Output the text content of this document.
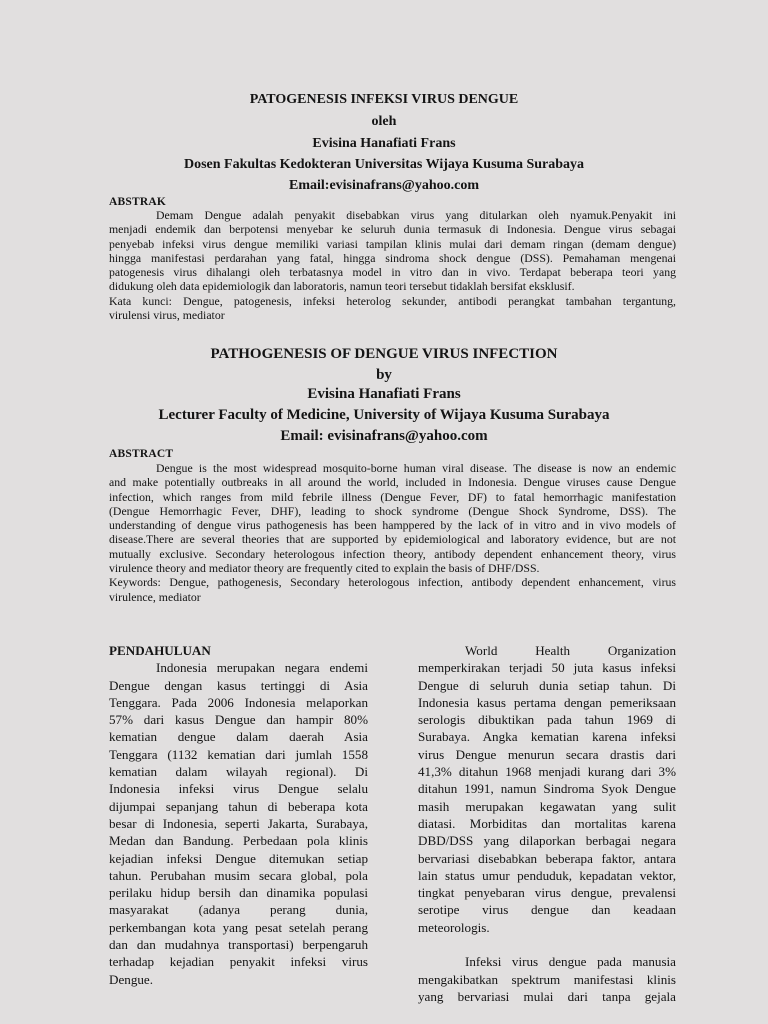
PATOGENESIS INFEKSI VIRUS DENGUE
oleh
Evisina Hanafiati Frans
Dosen Fakultas Kedokteran Universitas Wijaya Kusuma Surabaya
Email:evisinafrans@yahoo.com
ABSTRAK
Demam Dengue adalah penyakit disebabkan virus yang ditularkan oleh nyamuk.Penyakit ini
menjadi endemik dan berpotensi menyebar ke seluruh dunia termasuk di Indonesia. Dengue virus sebagai
penyebab infeksi virus dengue memiliki variasi tampilan klinis mulai dari demam ringan (demam dengue)
hingga manifestasi perdarahan yang fatal, hingga sindroma shock dengue (DSS). Pemahaman mengenai
patogenesis virus dihalangi oleh terbatasnya model in vitro dan in vivo. Terdapat beberapa teori yang
didukung oleh data epidemiologik dan laboratoris, namun teori tersebut tidaklah bersifat eksklusif.
Kata kunci: Dengue, patogenesis, infeksi heterolog sekunder, antibodi perangkat tambahan tergantung,
virulensi virus, mediator
PATHOGENESIS OF DENGUE VIRUS INFECTION
by
Evisina Hanafiati Frans
Lecturer Faculty of Medicine, University of Wijaya Kusuma Surabaya
Email: evisinafrans@yahoo.com
ABSTRACT
Dengue is the most widespread mosquito-borne human viral disease. The disease is now an endemic
and make potentially outbreaks in all around the world, included in Indonesia. Dengue viruses cause Dengue
infection, which ranges from mild febrile illness (Dengue Fever, DF) to fatal hemorrhagic manifestation
(Dengue Hemorrhagic Fever, DHF), leading to shock syndrome (Dengue Shock Syndrome, DSS). The
understanding of dengue virus pathogenesis has been hamppered by the lack of in vitro and in vivo models of
disease.There are several theories that are supported by epidemiological and laboratory evidence, but are not
mutually exclusive. Secondary heterologous infection theory, antibody dependent enhancement theory, virus
virulence theory and mediator theory are frequently cited to explain the basis of DHF/DSS.
Keywords: Dengue, pathogenesis, Secondary heterologous infection, antibody dependent enhancement, virus
virulence, mediator
PENDAHULUAN
Indonesia merupakan negara endemi
Dengue dengan kasus tertinggi di Asia
Tenggara. Pada 2006 Indonesia melaporkan
57% dari kasus Dengue dan hampir 80%
kematian dengue dalam daerah Asia
Tenggara (1132 kematian dari jumlah 1558
kematian dalam wilayah regional). Di
Indonesia infeksi virus Dengue selalu
dijumpai sepanjang tahun di beberapa kota
besar di Indonesia, seperti Jakarta, Surabaya,
Medan dan Bandung. Perbedaan pola klinis
kejadian infeksi Dengue ditemukan setiap
tahun. Perubahan musim secara global, pola
perilaku hidup bersih dan dinamika populasi
masyarakat (adanya perang dunia,
perkembangan kota yang pesat setelah perang
dan dan mudahnya transportasi) berpengaruh
terhadap kejadian penyakit infeksi virus
Dengue.
World Health Organization
memperkirakan terjadi 50 juta kasus infeksi
Dengue di seluruh dunia setiap tahun. Di
Indonesia kasus pertama dengan pemeriksaan
serologis dibuktikan pada tahun 1969 di
Surabaya. Angka kematian karena infeksi
virus Dengue menurun secara drastis dari
41,3% ditahun 1968 menjadi kurang dari 3%
ditahun 1991, namun Sindroma Syok Dengue
masih merupakan kegawatan yang sulit
diatasi. Morbiditas dan mortalitas karena
DBD/DSS yang dilaporkan berbagai negara
bervariasi disebabkan beberapa faktor, antara
lain status umur penduduk, kepadatan vektor,
tingkat penyebaran virus dengue, prevalensi
serotipe virus dengue dan keadaan
meteorologis.
Infeksi virus dengue pada manusia
mengakibatkan spektrum manifestasi klinis
yang bervariasi mulai dari tanpa gejala
